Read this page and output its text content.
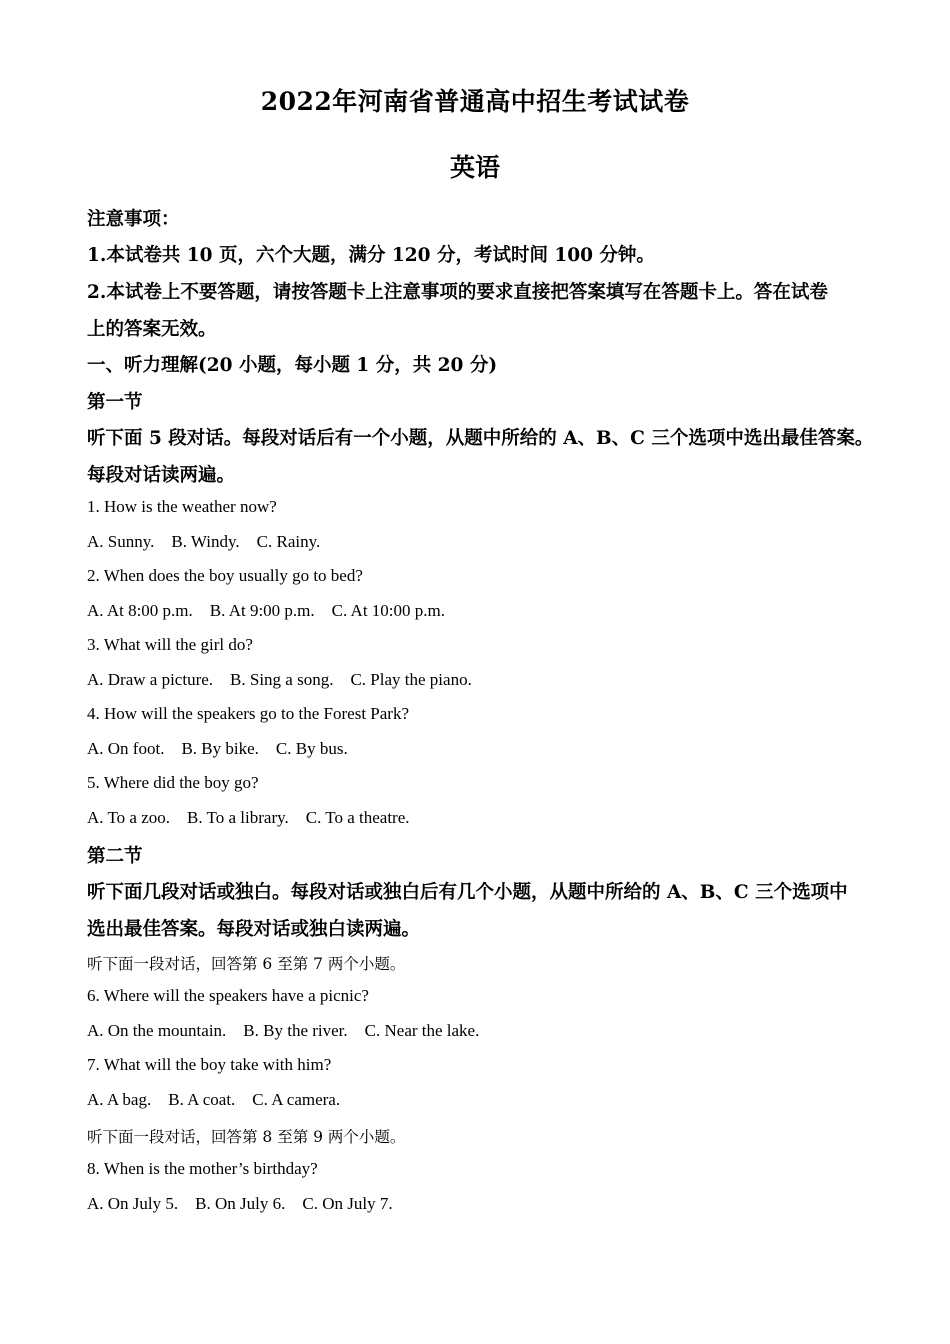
2022年河南省普通高中招生考试试卷
英语
注意事项：
1.本试卷共 10 页，六个大题，满分 120 分，考试时间 100 分钟。
2.本试卷上不要答题，请按答题卡上注意事项的要求直接把答案填写在答题卡上。答在试卷
上的答案无效。
一、听力理解(20 小题，每小题 1 分，共 20 分)
第一节
听下面 5 段对话。每段对话后有一个小题，从题中所给的 A、B、C 三个选项中选出最佳答案。
每段对话读两遍。
1. How is the weather now?
A. Sunny. B. Windy. C. Rainy.
2. When does the boy usually go to bed?
A. At 8:00 p.m. B. At 9:00 p.m. C. At 10:00 p.m.
3. What will the girl do?
A. Draw a picture. B. Sing a song. C. Play the piano.
4. How will the speakers go to the Forest Park?
A. On foot. B. By bike. C. By bus.
5. Where did the boy go?
A. To a zoo. B. To a library. C. To a theatre.
第二节
听下面几段对话或独白。每段对话或独白后有几个小题，从题中所给的 A、B、C 三个选项中
选出最佳答案。每段对话或独白读两遍。
听下面一段对话，回答第 6 至第 7 两个小题。
6. Where will the speakers have a picnic?
A. On the mountain. B. By the river. C. Near the lake.
7. What will the boy take with him?
A. A bag. B. A coat. C. A camera.
听下面一段对话，回答第 8 至第 9 两个小题。
8. When is the mother’s birthday?
A. On July 5. B. On July 6. C. On July 7.
